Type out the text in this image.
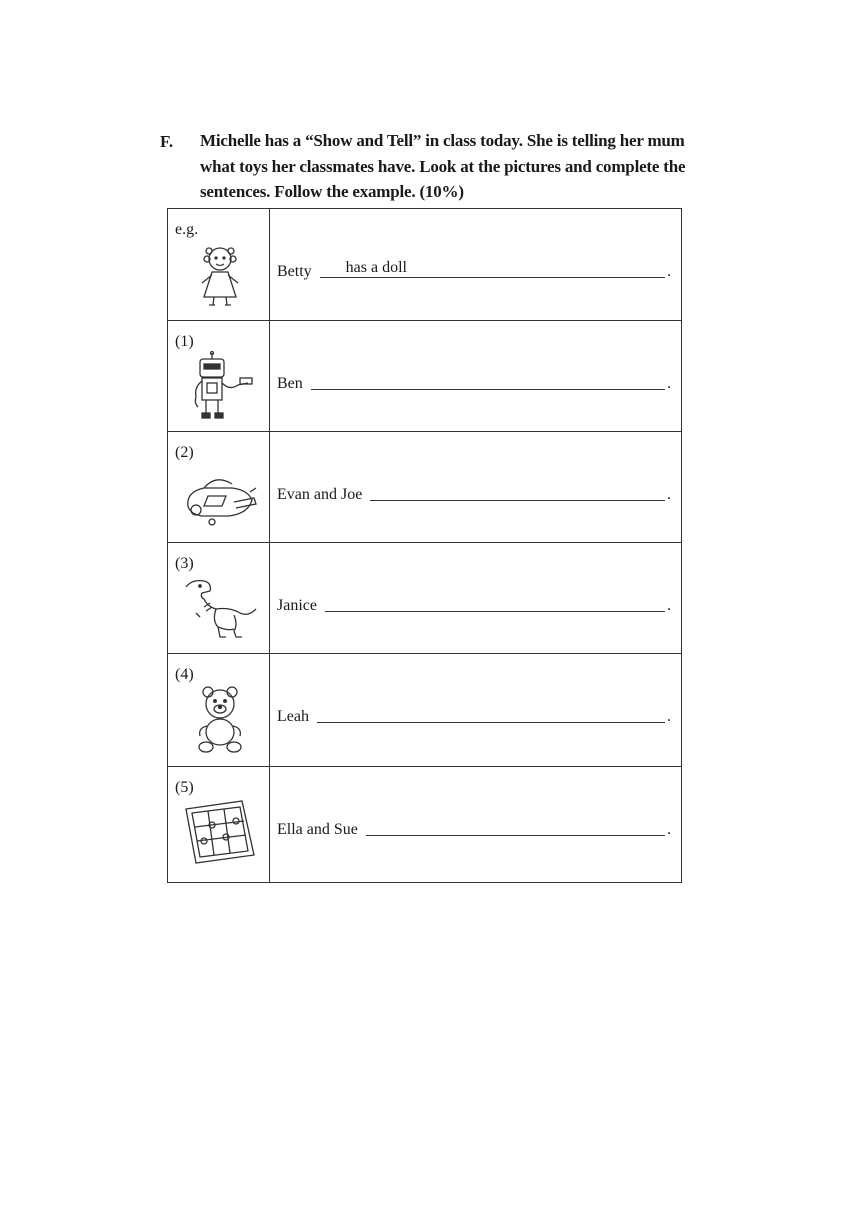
F. Michelle has a “Show and Tell” in class today. She is telling her mum what toys her classmates have. Look at the pictures and complete the sentences. Follow the example. (10%)
e.g.	Betty has a doll .

(1)	Ben .

(2)	Evan and Joe .

(3)	Janice .

(4)	Leah .

(5)	Ella and Sue .
